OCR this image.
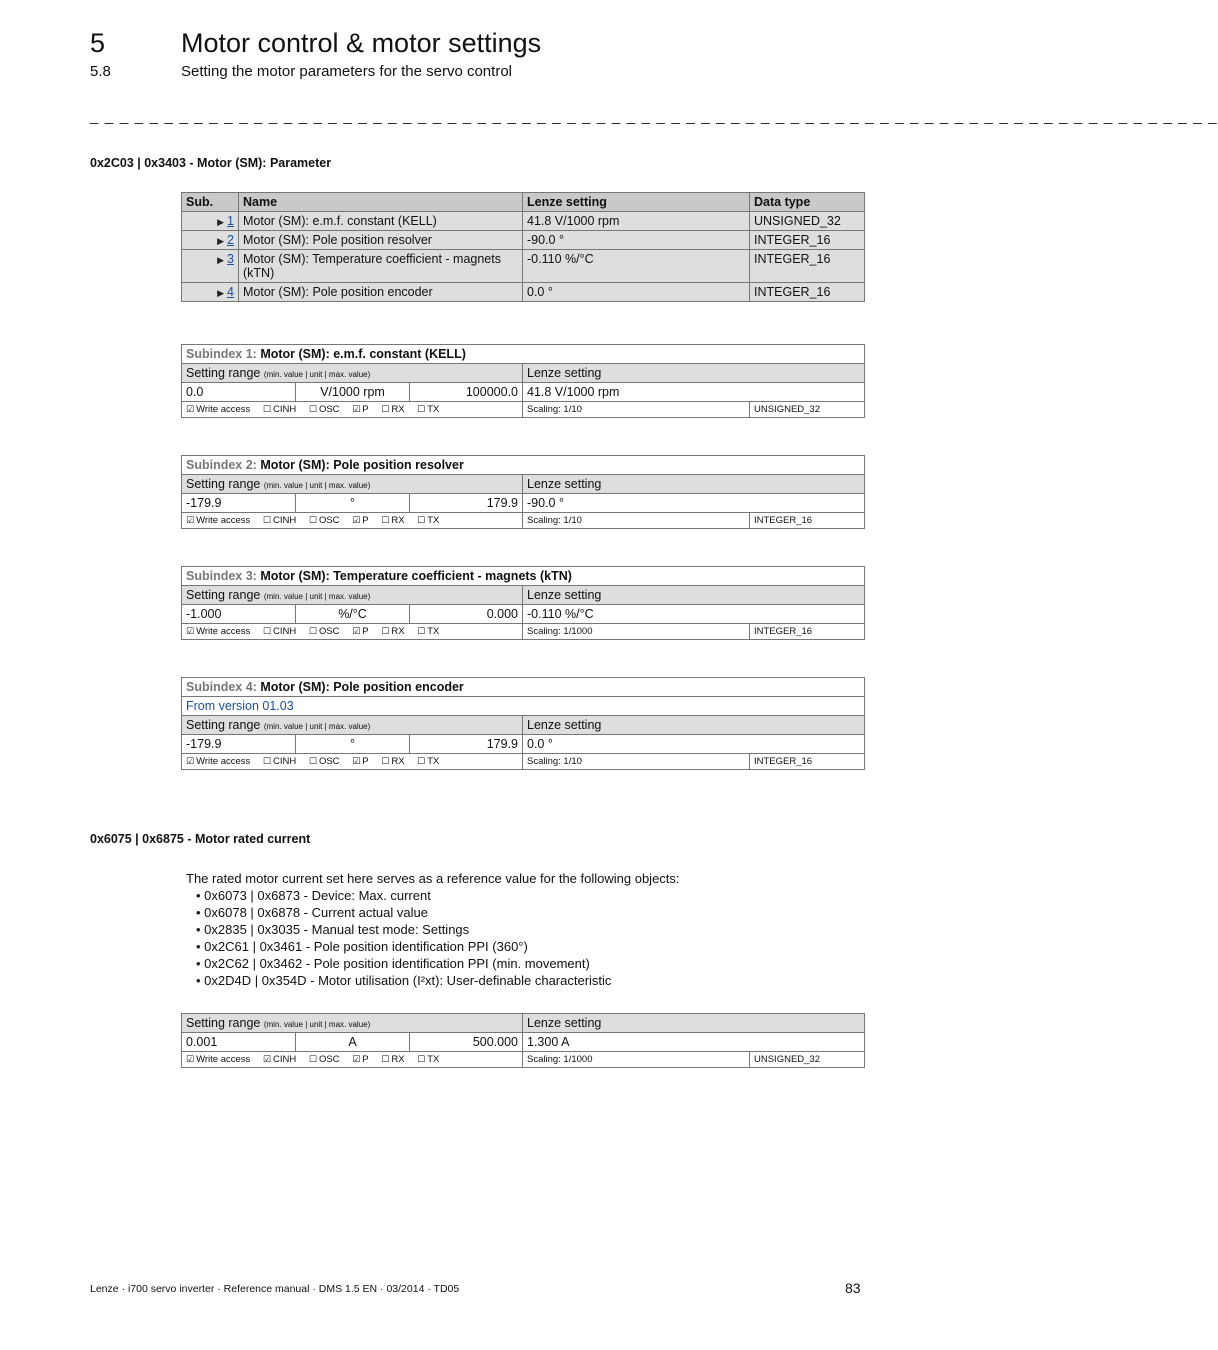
5	Motor control & motor settings
5.8	Setting the motor parameters for the servo control
_ _ _ _ _ _ _ _ _ _ _ _ _ _ _ _ _ _ _ _ _ _ _ _ _ _ _ _ _ _ _ _ _ _ _ _ _ _ _ _ _ _ _ _ _ _ _ _ _ _ _ _ _ _ _ _ _ _ _ _ _ _ _ _ _ _ _ _ _ _ _ _ _ _ _ _
0x2C03 | 0x3403 - Motor (SM): Parameter
Sub.	Name	Lenze setting	Data type
▶ 1	Motor (SM): e.m.f. constant (KELL)	41.8 V/1000 rpm	UNSIGNED_32
▶ 2	Motor (SM): Pole position resolver	-90.0 °	INTEGER_16
▶ 3	Motor (SM): Temperature coefficient - magnets (kTN)	-0.110 %/°C	INTEGER_16
▶ 4	Motor (SM): Pole position encoder	0.0 °	INTEGER_16
Subindex 1: Motor (SM): e.m.f. constant (KELL)				
Setting range (min. value | unit | max. value)			Lenze setting	
0.0	V/1000 rpm	100000.0	41.8 V/1000 rpm	
☑ Write access ☐ CINH ☐ OSC ☑ P ☐ RX ☐ TX			Scaling: 1/10	UNSIGNED_32
Subindex 2: Motor (SM): Pole position resolver				
Setting range (min. value | unit | max. value)			Lenze setting	
-179.9	°	179.9	-90.0 °	
☑ Write access ☐ CINH ☐ OSC ☑ P ☐ RX ☐ TX			Scaling: 1/10	INTEGER_16
Subindex 3: Motor (SM): Temperature coefficient - magnets (kTN)				
Setting range (min. value | unit | max. value)			Lenze setting	
-1.000	%/°C	0.000	-0.110 %/°C	
☑ Write access ☐ CINH ☐ OSC ☑ P ☐ RX ☐ TX			Scaling: 1/1000	INTEGER_16
Subindex 4: Motor (SM): Pole position encoder				
From version 01.03				
Setting range (min. value | unit | max. value)			Lenze setting	
-179.9	°	179.9	0.0 °	
☑ Write access ☐ CINH ☐ OSC ☑ P ☐ RX ☐ TX			Scaling: 1/10	INTEGER_16
0x6075 | 0x6875 - Motor rated current
The rated motor current set here serves as a reference value for the following objects:
• 0x6073 | 0x6873 - Device: Max. current
• 0x6078 | 0x6878 - Current actual value
• 0x2835 | 0x3035 - Manual test mode: Settings
• 0x2C61 | 0x3461 - Pole position identification PPI (360°)
• 0x2C62 | 0x3462 - Pole position identification PPI (min. movement)
• 0x2D4D | 0x354D - Motor utilisation (I²xt): User-definable characteristic
Setting range (min. value | unit | max. value)			Lenze setting	
0.001	A	500.000	1.300 A	
☑ Write access ☑ CINH ☐ OSC ☑ P ☐ RX ☐ TX			Scaling: 1/1000	UNSIGNED_32
Lenze · i700 servo inverter · Reference manual · DMS 1.5 EN · 03/2014 · TD05	83
